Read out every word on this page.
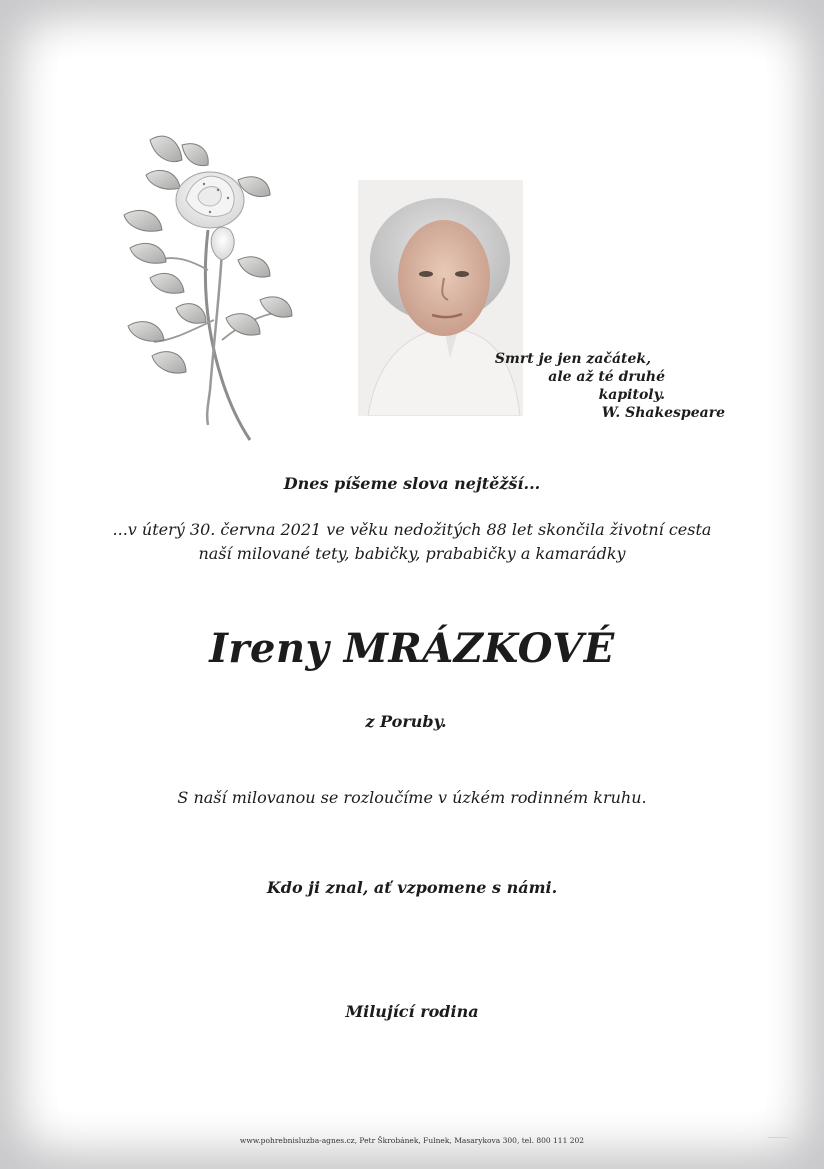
Smrt je jen začátek,
ale až té druhé kapitoly.
W. Shakespeare
Dnes píšeme slova nejtěžší...
...v úterý 30. června 2021 ve věku nedožitých 88 let skončila životní cesta
naší milované tety, babičky, prababičky a kamarádky
Ireny MRÁZKOVÉ
z Poruby.
S naší milovanou se rozloučíme v úzkém rodinném kruhu.
Kdo ji znal, ať vzpomene s námi.
Milující rodina
www.pohrebnisluzba-agnes.cz, Petr Škrobánek, Fulnek, Masarykova 300, tel. 800 111 202
